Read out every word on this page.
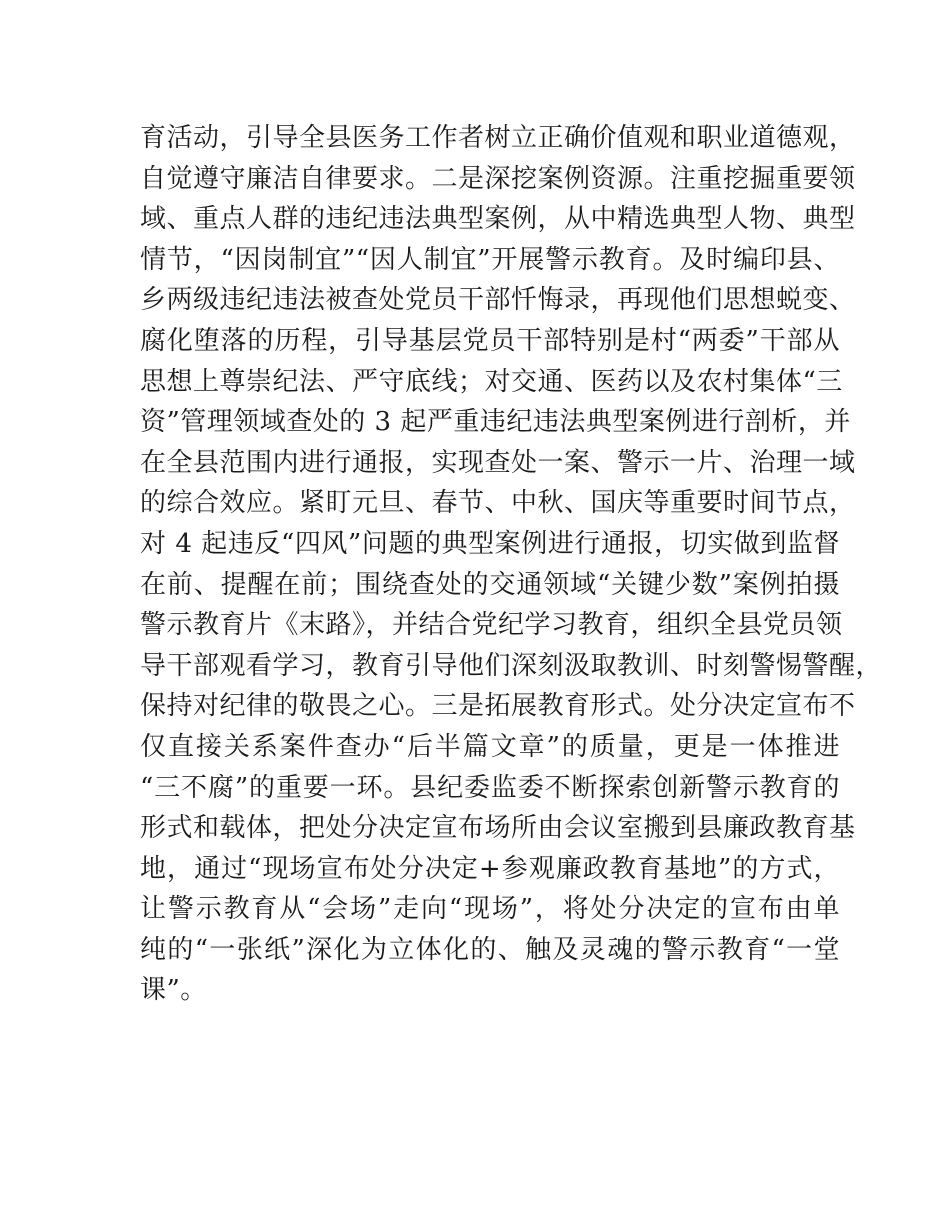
育活动，引导全县医务工作者树立正确价值观和职业道德观，
自觉遵守廉洁自律要求。二是深挖案例资源。注重挖掘重要领
域、重点人群的违纪违法典型案例，从中精选典型人物、典型
情节，“因岗制宜”“因人制宜”开展警示教育。及时编印县、
乡两级违纪违法被查处党员干部忏悔录，再现他们思想蜕变、
腐化堕落的历程，引导基层党员干部特别是村“两委”干部从
思想上尊崇纪法、严守底线；对交通、医药以及农村集体“三
资”管理领域查处的 3 起严重违纪违法典型案例进行剖析，并
在全县范围内进行通报，实现查处一案、警示一片、治理一域
的综合效应。紧盯元旦、春节、中秋、国庆等重要时间节点，
对 4 起违反“四风”问题的典型案例进行通报，切实做到监督
在前、提醒在前；围绕查处的交通领域“关键少数”案例拍摄
警示教育片《末路》，并结合党纪学习教育，组织全县党员领
导干部观看学习，教育引导他们深刻汲取教训、时刻警惕警醒，
保持对纪律的敬畏之心。三是拓展教育形式。处分决定宣布不
仅直接关系案件查办“后半篇文章”的质量，更是一体推进
“三不腐”的重要一环。县纪委监委不断探索创新警示教育的
形式和载体，把处分决定宣布场所由会议室搬到县廉政教育基
地，通过“现场宣布处分决定+参观廉政教育基地”的方式，
让警示教育从“会场”走向“现场”，将处分决定的宣布由单
纯的“一张纸”深化为立体化的、触及灵魂的警示教育“一堂
课”。
